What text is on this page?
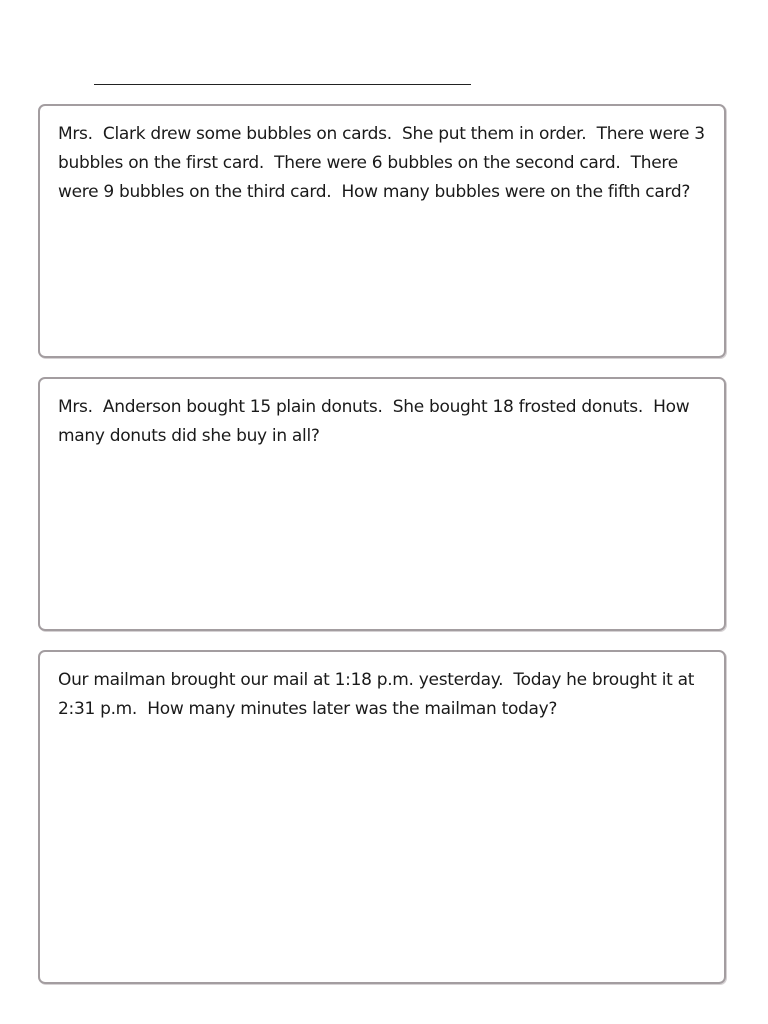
Mrs.  Clark drew some bubbles on cards.  She put them in order.  There were 3 bubbles on the first card.  There were 6 bubbles on the second card.  There were 9 bubbles on the third card.  How many bubbles were on the fifth card?

Mrs.  Anderson bought 15 plain donuts.  She bought 18 frosted donuts.  How many donuts did she buy in all?

Our mailman brought our mail at 1:18 p.m. yesterday.  Today he brought it at 2:31 p.m.  How many minutes later was the mailman today?
